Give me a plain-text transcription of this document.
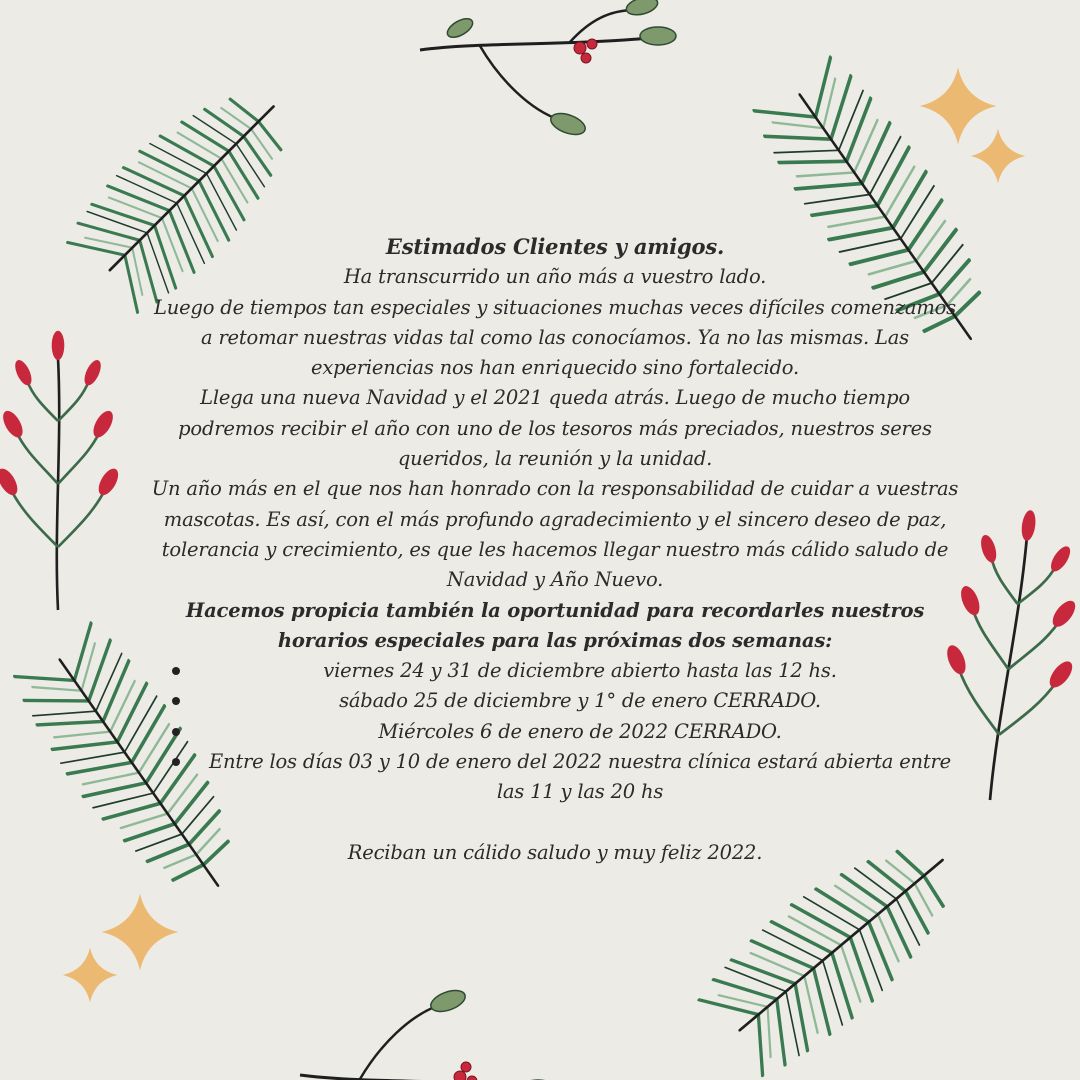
Estimados Clientes y amigos.

Ha transcurrido un año más a vuestro lado.

Luego de tiempos tan especiales y situaciones muchas veces difíciles comenzamos a retomar nuestras vidas tal como las conocíamos. Ya no las mismas. Las experiencias nos han enriquecido sino fortalecido.

Llega una nueva Navidad y el 2021 queda atrás. Luego de mucho tiempo podremos recibir el año con uno de los tesoros más preciados, nuestros seres queridos, la reunión y la unidad.

Un año más en el que nos han honrado con la responsabilidad de cuidar a vuestras mascotas. Es así, con el más profundo agradecimiento y el sincero deseo de paz, tolerancia y crecimiento, es que les hacemos llegar nuestro más cálido saludo de Navidad y Año Nuevo.

Hacemos propicia también la oportunidad para recordarles nuestros horarios especiales para las próximas dos semanas:

viernes 24 y 31 de diciembre abierto hasta las 12 hs.
sábado 25 de diciembre y 1° de enero CERRADO.
Miércoles 6 de enero de 2022 CERRADO.
Entre los días 03 y 10 de enero del 2022 nuestra clínica estará abierta entre las 11 y las 20 hs

Reciban un cálido saludo y muy feliz 2022.
